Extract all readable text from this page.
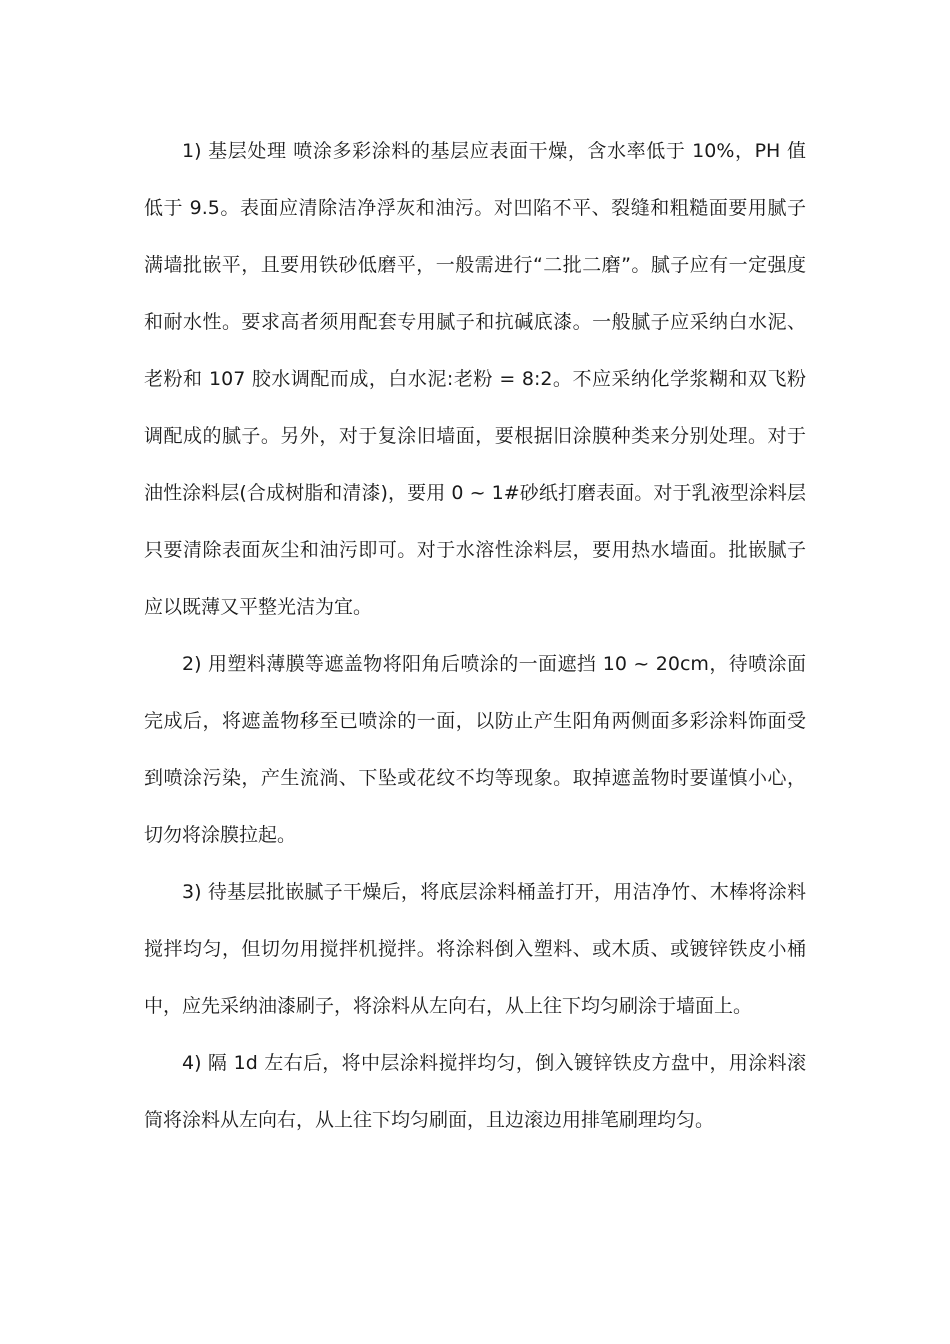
1) 基层处理 喷涂多彩涂料的基层应表面干燥，含水率低于 10%，PH 值低于 9.5。表面应清除洁净浮灰和油污。对凹陷不平、裂缝和粗糙面要用腻子满墙批嵌平，且要用铁砂低磨平，一般需进行“二批二磨”。腻子应有一定强度和耐水性。要求高者须用配套专用腻子和抗碱底漆。一般腻子应采纳白水泥、老粉和 107 胶水调配而成，白水泥:老粉 = 8:2。不应采纳化学浆糊和双飞粉调配成的腻子。另外，对于复涂旧墙面，要根据旧涂膜种类来分别处理。对于油性涂料层(合成树脂和清漆)，要用 0 ~ 1#砂纸打磨表面。对于乳液型涂料层只要清除表面灰尘和油污即可。对于水溶性涂料层，要用热水墙面。批嵌腻子应以既薄又平整光洁为宜。

2) 用塑料薄膜等遮盖物将阳角后喷涂的一面遮挡 10 ~ 20cm，待喷涂面完成后，将遮盖物移至已喷涂的一面，以防止产生阳角两侧面多彩涂料饰面受到喷涂污染，产生流淌、下坠或花纹不均等现象。取掉遮盖物时要谨慎小心，切勿将涂膜拉起。

3) 待基层批嵌腻子干燥后，将底层涂料桶盖打开，用洁净竹、木棒将涂料搅拌均匀，但切勿用搅拌机搅拌。将涂料倒入塑料、或木质、或镀锌铁皮小桶中，应先采纳油漆刷子，将涂料从左向右，从上往下均匀刷涂于墙面上。

4) 隔 1d 左右后，将中层涂料搅拌均匀，倒入镀锌铁皮方盘中，用涂料滚筒将涂料从左向右，从上往下均匀刷面，且边滚边用排笔刷理均匀。
